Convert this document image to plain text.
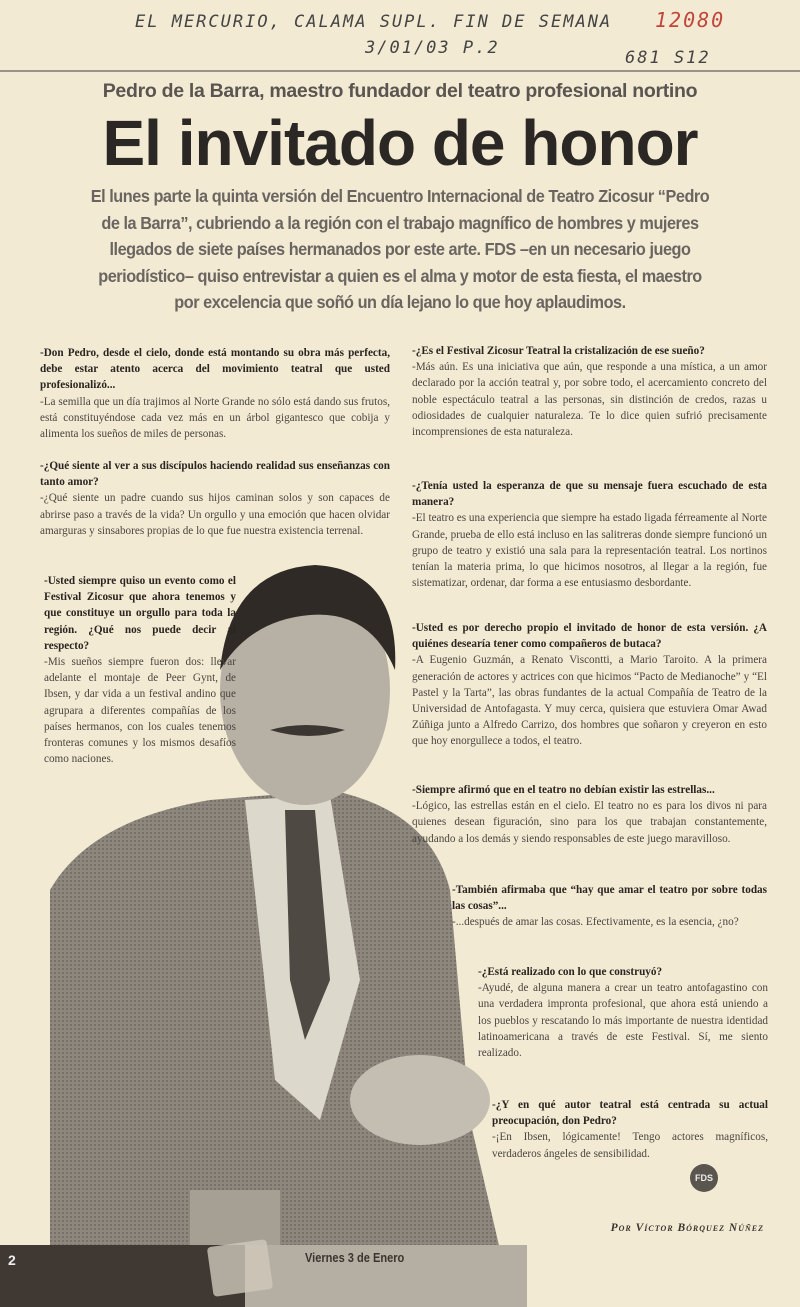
EL MERCURIO, CALAMA SUPL. FIN DE SEMANA
3/01/03 P.2
12080
681 S12
Pedro de la Barra, maestro fundador del teatro profesional nortino
El invitado de honor
El lunes parte la quinta versión del Encuentro Internacional de Teatro Zicosur “Pedro de la Barra”, cubriendo a la región con el trabajo magnífico de hombres y mujeres llegados de siete países hermanados por este arte. FDS –en un necesario juego periodístico– quiso entrevistar a quien es el alma y motor de esta fiesta, el maestro por excelencia que soñó un día lejano lo que hoy aplaudimos.
-Don Pedro, desde el cielo, donde está montando su obra más perfecta, debe estar atento acerca del movimiento teatral que usted profesionalizó...
-La semilla que un día trajimos al Norte Grande no sólo está dando sus frutos, está constituyéndose cada vez más en un árbol gigantesco que cobija y alimenta los sueños de miles de personas.
-¿Qué siente al ver a sus discípulos haciendo realidad sus enseñanzas con tanto amor?
-¿Qué siente un padre cuando sus hijos caminan solos y son capaces de abrirse paso a través de la vida? Un orgullo y una emoción que hacen olvidar amarguras y sinsabores propias de lo que fue nuestra existencia terrenal.
-Usted siempre quiso un evento como el Festival Zicosur que ahora tenemos y que constituye un orgullo para toda la región. ¿Qué nos puede decir al respecto?
-Mis sueños siempre fueron dos: llevar adelante el montaje de Peer Gynt, de Ibsen, y dar vida a un festival andino que agrupara a diferentes compañías de los países hermanos, con los cuales tenemos fronteras comunes y los mismos desafíos como naciones.
-¿Es el Festival Zicosur Teatral la cristalización de ese sueño?
-Más aún. Es una iniciativa que aún, que responde a una mística, a un amor declarado por la acción teatral y, por sobre todo, el acercamiento concreto del noble espectáculo teatral a las personas, sin distinción de credos, razas u odiosidades de cualquier naturaleza. Te lo dice quien sufrió precisamente incomprensiones de esta naturaleza.
-¿Tenía usted la esperanza de que su mensaje fuera escuchado de esta manera?
-El teatro es una experiencia que siempre ha estado ligada férreamente al Norte Grande, prueba de ello está incluso en las salitreras donde siempre funcionó un grupo de teatro y existió una sala para la representación teatral. Los nortinos tenían la materia prima, lo que hicimos nosotros, al llegar a la región, fue sistematizar, ordenar, dar forma a ese entusiasmo desbordante.
-Usted es por derecho propio el invitado de honor de esta versión. ¿A quiénes desearía tener como compañeros de butaca?
-A Eugenio Guzmán, a Renato Viscontti, a Mario Taroito. A la primera generación de actores y actrices con que hicimos “Pacto de Medianoche” y “El Pastel y la Tarta”, las obras fundantes de la actual Compañía de Teatro de la Universidad de Antofagasta. Y muy cerca, quisiera que estuviera Omar Awad Zúñiga junto a Alfredo Carrizo, dos hombres que soñaron y creyeron en esto que hoy enorgullece a todos, el teatro.
-Siempre afirmó que en el teatro no debían existir las estrellas...
-Lógico, las estrellas están en el cielo. El teatro no es para los divos ni para quienes desean figuración, sino para los que trabajan constantemente, ayudando a los demás y siendo responsables de este juego maravilloso.
-También afirmaba que “hay que amar el teatro por sobre todas las cosas”...
-...después de amar las cosas. Efectivamente, es la esencia, ¿no?
-¿Está realizado con lo que construyó?
-Ayudé, de alguna manera a crear un teatro antofagastino con una verdadera impronta profesional, que ahora está uniendo a los pueblos y rescatando lo más importante de nuestra identidad latinoamericana a través de este Festival. Sí, me siento realizado.
-¿Y en qué autor teatral está centrada su actual preocupación, don Pedro?
-¡En Ibsen, lógicamente! Tengo actores magníficos, verdaderos ángeles de sensibilidad.
FDS
Por Víctor Bórquez Núñez
2	Viernes 3 de Enero
